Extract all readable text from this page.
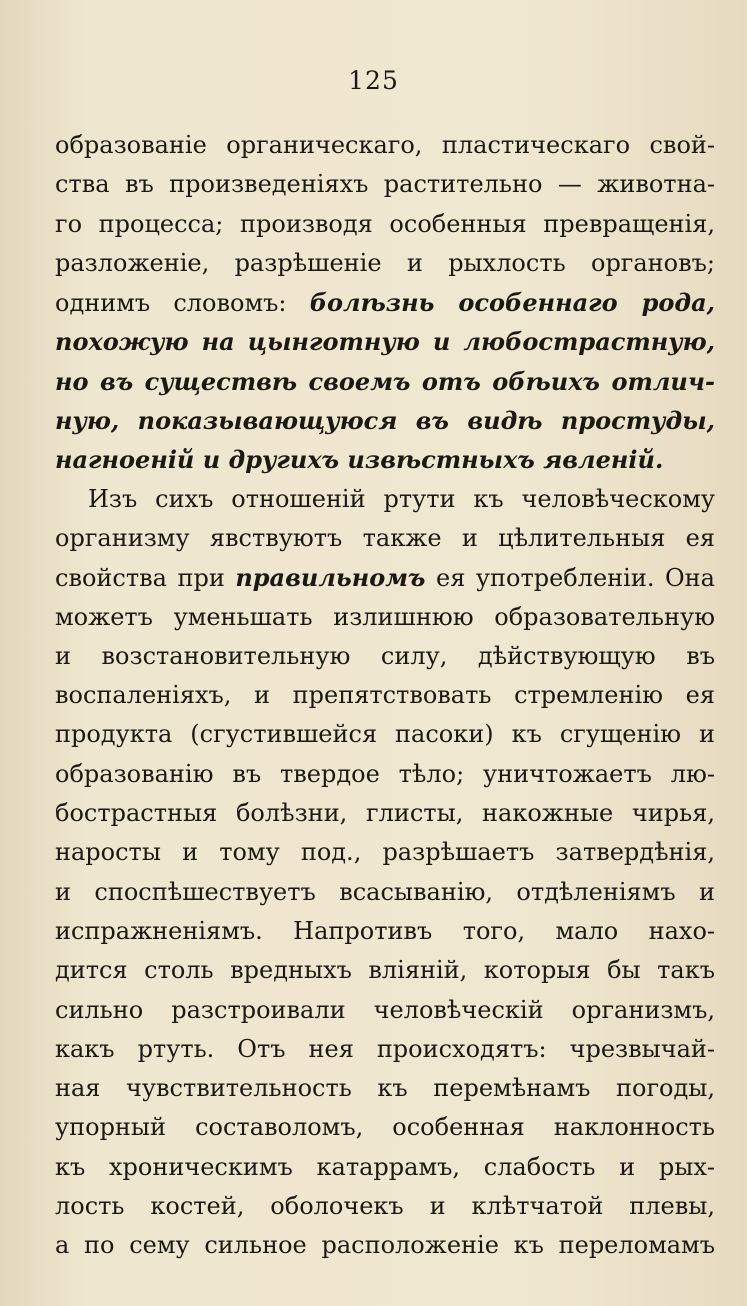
125
образованіе органическаго, пластическаго свой-
ства въ произведеніяхъ растительно — животна-
го процесса; производя особенныя превращенія,
разложеніе, разрѣшеніе и рыхлость органовъ;
однимъ словомъ: болѣзнь особеннаго рода,
похожую на цынготную и любострастную,
но въ существѣ своемъ отъ обѣихъ отлич-
ную, показывающуюся въ видѣ простуды,
нагноеній и другихъ извѣстныхъ явленій.
Изъ сихъ отношеній ртути къ человѣческому
организму явствуютъ также и цѣлительныя ея
свойства при правильномъ ея употребленіи. Она
можетъ уменьшать излишнюю образовательную
и возстановительную силу, дѣйствующую въ
воспаленіяхъ, и препятствовать стремленію ея
продукта (сгустившейся пасоки) къ сгущенію и
образованію въ твердое тѣло; уничтожаетъ лю-
бострастныя болѣзни, глисты, накожные чирья,
наросты и тому под., разрѣшаетъ затвердѣнія,
и споспѣшествуетъ всасыванію, отдѣленіямъ и
испражненіямъ. Напротивъ того, мало нахо-
дится столь вредныхъ вліяній, которыя бы такъ
сильно разстроивали человѣческій организмъ,
какъ ртуть. Отъ нея происходятъ: чрезвычай-
ная чувствительность къ перемѣнамъ погоды,
упорный составоломъ, особенная наклонность
къ хроническимъ катаррамъ, слабость и рых-
лость костей, оболочекъ и клѣтчатой плевы,
а по сему сильное расположеніе къ переломамъ
